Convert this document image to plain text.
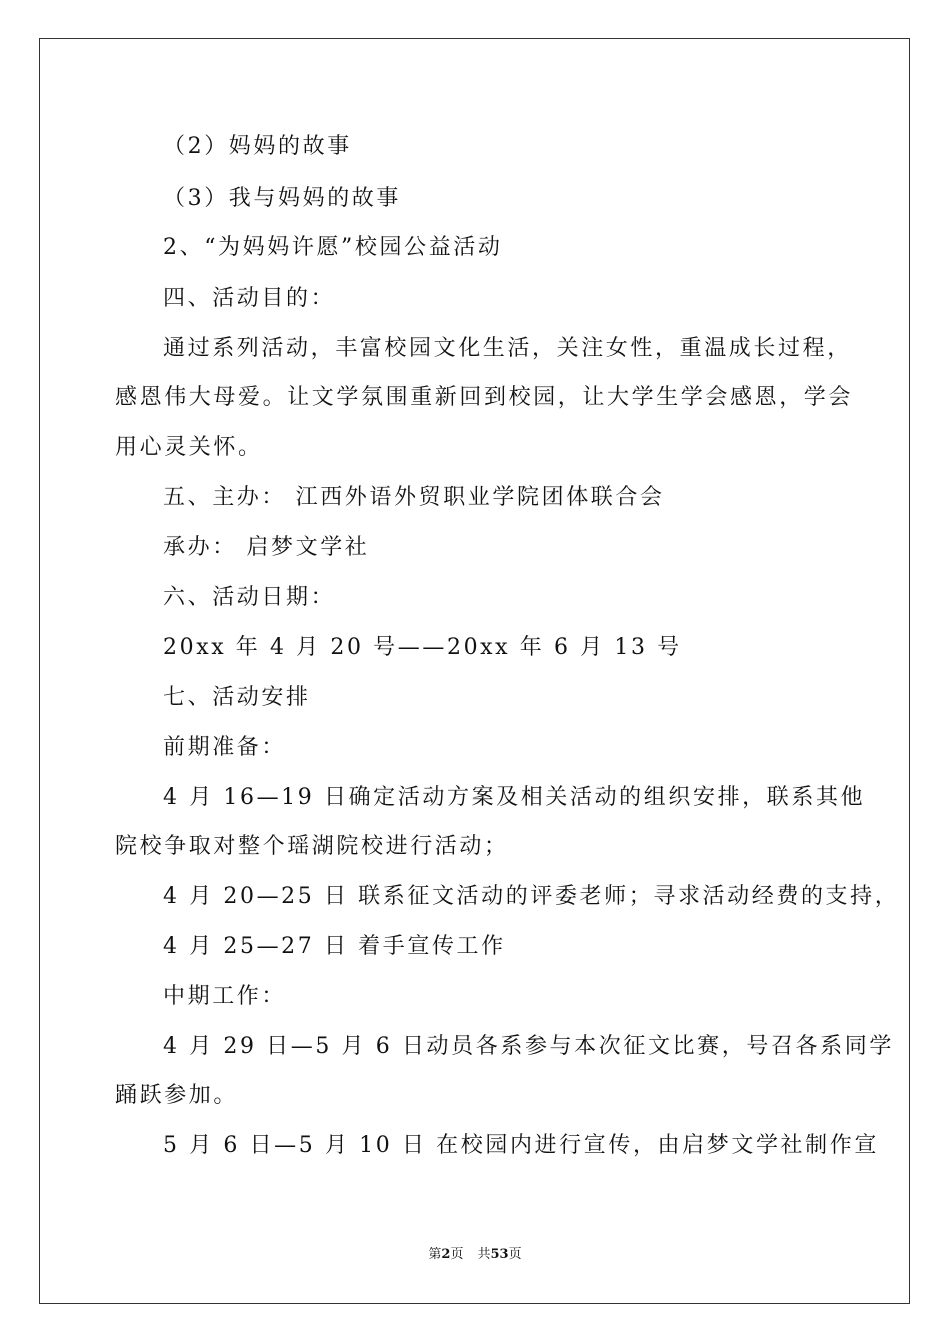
（2）妈妈的故事
（3）我与妈妈的故事
2、“为妈妈许愿”校园公益活动
四、活动目的：
通过系列活动，丰富校园文化生活，关注女性，重温成长过程，
感恩伟大母爱。让文学氛围重新回到校园，让大学生学会感恩，学会
用心灵关怀。
五、主办： 江西外语外贸职业学院团体联合会
承办： 启梦文学社
六、活动日期：
20xx 年 4 月 20 号——20xx 年 6 月 13 号
七、活动安排
前期准备：
4 月 16—19 日确定活动方案及相关活动的组织安排，联系其他
院校争取对整个瑶湖院校进行活动；
4 月 20—25 日 联系征文活动的评委老师；寻求活动经费的支持，
4 月 25—27 日 着手宣传工作
中期工作：
4 月 29 日—5 月 6 日动员各系参与本次征文比赛，号召各系同学
踊跃参加。
5 月 6 日—5 月 10 日 在校园内进行宣传，由启梦文学社制作宣
第2页 共53页
